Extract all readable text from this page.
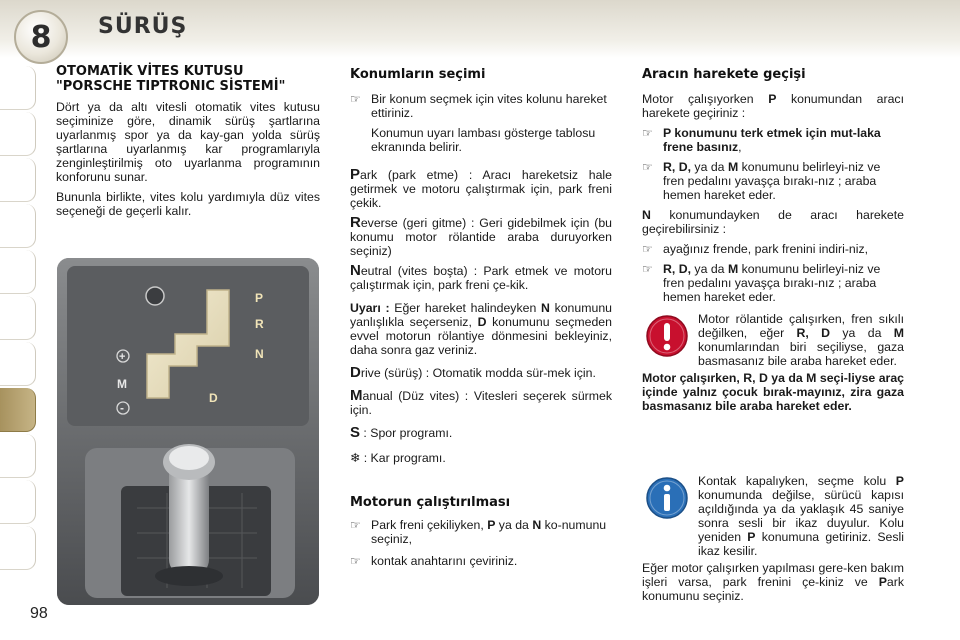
8	SÜRÜŞ
98
OTOMATİK VİTES KUTUSU "PORSCHE TIPTRONIC SİSTEMİ"
Dört ya da altı vitesli otomatik vites kutusu seçiminize göre, dinamik sürüş şartlarına uyarlanmış spor ya da kay-gan yolda sürüş şartlarına uyarlanmış kar programlarıyla zenginleştirilmiş oto uyarlanma programının konforunu sunar.
Bununla birlikte, vites kolu yardımıyla düz vites seçeneği de geçerli kalır.
P
R
N
D
+
M
-
Konumların seçimi
☞ Bir konum seçmek için vites kolunu hareket ettiriniz.
Konumun uyarı lambası gösterge tablosu ekranında belirir.
Park (park etme) : Aracı hareketsiz hale getirmek ve motoru çalıştırmak için, park freni çekik.
Reverse (geri gitme) : Geri gidebilmek için (bu konumu motor rölantide araba duruyorken seçiniz)
Neutral (vites boşta) : Park etmek ve motoru çalıştırmak için, park freni çe-kik.
Uyarı : Eğer hareket halindeyken N konumunu yanlışlıkla seçerseniz, D konumunu seçmeden evvel motorun rölantiye dönmesini bekleyiniz, daha sonra gaz veriniz.
Drive (sürüş) : Otomatik modda sür-mek için.
Manual (Düz vites) : Vitesleri seçerek sürmek için.
S : Spor programı.
❄ : Kar programı.
Motorun çalıştırılması
☞ Park freni çekiliyken, P ya da N ko-numunu seçiniz,
☞ kontak anahtarını çeviriniz.
Aracın harekete geçişi
Motor çalışıyorken P konumundan aracı harekete geçiriniz :
☞ P konumunu terk etmek için mut-laka frene basınız,
☞ R, D, ya da M konumunu belirleyi-niz ve fren pedalını yavaşça bırakı-nız ; araba hemen hareket eder.
N konumundayken de aracı harekete geçirebilirsiniz :
☞ ayağınız frende, park frenini indiri-niz,
☞ R, D, ya da M konumunu belirleyi-niz ve fren pedalını yavaşça bırakı-nız ; araba hemen hareket eder.
Motor rölantide çalışırken, fren sıkılı değilken, eğer R, D ya da M konumlarından biri seçiliyse, gaza basmasanız bile araba hareket eder.
Motor çalışırken, R, D ya da M seçi-liyse araç içinde yalnız çocuk bırak-mayınız, zira gaza basmasanız bile araba hareket eder.
Kontak kapalıyken, seçme kolu P konumunda değilse, sürücü kapısı açıldığında ya da yaklaşık 45 saniye sonra sesli bir ikaz duyulur. Kolu yeniden P konumuna getiriniz. Sesli ikaz kesilir.
Eğer motor çalışırken yapılması gere-ken bakım işleri varsa, park frenini çe-kiniz ve Park konumunu seçiniz.
